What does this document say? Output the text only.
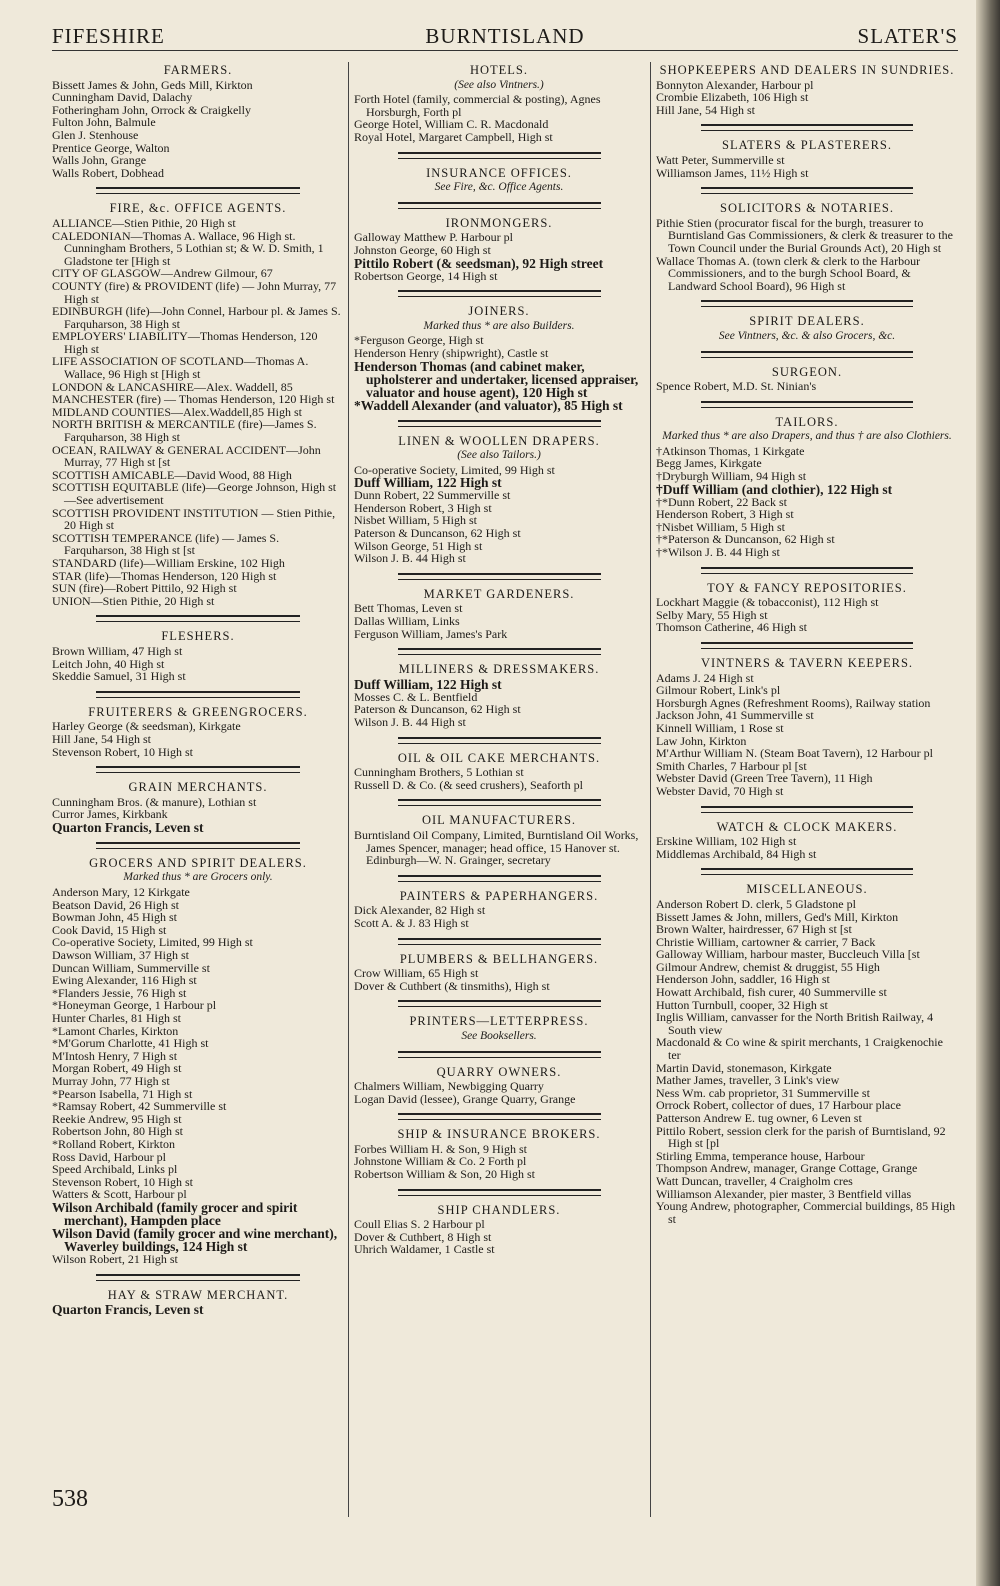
FIFESHIRE	BURNTISLAND	SLATER'S
FARMERS.
Bissett James & John, Geds Mill, Kirkton
Cunningham David, Dalachy
Fotheringham John, Orrock & Craigkelly
Fulton John, Balmule
Glen J. Stenhouse
Prentice George, Walton
Walls John, Grange
Walls Robert, Dobhead
FIRE, &c. OFFICE AGENTS.
ALLIANCE—Stien Pithie, 20 High st
CALEDONIAN—Thomas A. Wallace, 96 High st. Cunningham Brothers, 5 Lothian st; & W. D. Smith, 1 Gladstone ter [High st
CITY OF GLASGOW—Andrew Gilmour, 67
COUNTY (fire) & PROVIDENT (life) — John Murray, 77 High st
EDINBURGH (life)—John Connel, Harbour pl. & James S. Farquharson, 38 High st
EMPLOYERS' LIABILITY—Thomas Henderson, 120 High st
LIFE ASSOCIATION OF SCOTLAND—Thomas A. Wallace, 96 High st [High st
LONDON & LANCASHIRE—Alex. Waddell, 85
MANCHESTER (fire) — Thomas Henderson, 120 High st
MIDLAND COUNTIES—Alex.Waddell,85 High st
NORTH BRITISH & MERCANTILE (fire)—James S. Farquharson, 38 High st
OCEAN, RAILWAY & GENERAL ACCIDENT—John Murray, 77 High st [st
SCOTTISH AMICABLE—David Wood, 88 High
SCOTTISH EQUITABLE (life)—George Johnson, High st—See advertisement
SCOTTISH PROVIDENT INSTITUTION — Stien Pithie, 20 High st
SCOTTISH TEMPERANCE (life) — James S. Farquharson, 38 High st [st
STANDARD (life)—William Erskine, 102 High
STAR (life)—Thomas Henderson, 120 High st
SUN (fire)—Robert Pittilo, 92 High st
UNION—Stien Pithie, 20 High st
FLESHERS.
Brown William, 47 High st
Leitch John, 40 High st
Skeddie Samuel, 31 High st
FRUITERERS & GREENGROCERS.
Harley George (& seedsman), Kirkgate
Hill Jane, 54 High st
Stevenson Robert, 10 High st
GRAIN MERCHANTS.
Cunningham Bros. (& manure), Lothian st
Curror James, Kirkbank
Quarton Francis, Leven st
GROCERS AND SPIRIT DEALERS.
Marked thus * are Grocers only.
Anderson Mary, 12 Kirkgate
Beatson David, 26 High st
Bowman John, 45 High st
Cook David, 15 High st
Co-operative Society, Limited, 99 High st
Dawson William, 37 High st
Duncan William, Summerville st
Ewing Alexander, 116 High st
*Flanders Jessie, 76 High st
*Honeyman George, 1 Harbour pl
Hunter Charles, 81 High st
*Lamont Charles, Kirkton
*M'Gorum Charlotte, 41 High st
M'Intosh Henry, 7 High st
Morgan Robert, 49 High st
Murray John, 77 High st
*Pearson Isabella, 71 High st
*Ramsay Robert, 42 Summerville st
Reekie Andrew, 95 High st
Robertson John, 80 High st
*Rolland Robert, Kirkton
Ross David, Harbour pl
Speed Archibald, Links pl
Stevenson Robert, 10 High st
Watters & Scott, Harbour pl
Wilson Archibald (family grocer and spirit merchant), Hampden place
Wilson David (family grocer and wine merchant), Waverley buildings, 124 High st
Wilson Robert, 21 High st
HAY & STRAW MERCHANT.
Quarton Francis, Leven st
HOTELS.
(See also Vintners.)
Forth Hotel (family, commercial & posting), Agnes Horsburgh, Forth pl
George Hotel, William C. R. Macdonald
Royal Hotel, Margaret Campbell, High st
INSURANCE OFFICES.
See Fire, &c. Office Agents.
IRONMONGERS.
Galloway Matthew P. Harbour pl
Johnston George, 60 High st
Pittilo Robert (& seedsman), 92 High street
Robertson George, 14 High st
JOINERS.
Marked thus * are also Builders.
*Ferguson George, High st
Henderson Henry (shipwright), Castle st
Henderson Thomas (and cabinet maker, upholsterer and undertaker, licensed appraiser, valuator and house agent), 120 High st
*Waddell Alexander (and valuator), 85 High st
LINEN & WOOLLEN DRAPERS.
(See also Tailors.)
Co-operative Society, Limited, 99 High st
Duff William, 122 High st
Dunn Robert, 22 Summerville st
Henderson Robert, 3 High st
Nisbet William, 5 High st
Paterson & Duncanson, 62 High st
Wilson George, 51 High st
Wilson J. B. 44 High st
MARKET GARDENERS.
Bett Thomas, Leven st
Dallas William, Links
Ferguson William, James's Park
MILLINERS & DRESSMAKERS.
Duff William, 122 High st
Mosses C. & L. Bentfield
Paterson & Duncanson, 62 High st
Wilson J. B. 44 High st
OIL & OIL CAKE MERCHANTS.
Cunningham Brothers, 5 Lothian st
Russell D. & Co. (& seed crushers), Seaforth pl
OIL MANUFACTURERS.
Burntisland Oil Company, Limited, Burntisland Oil Works, James Spencer, manager; head office, 15 Hanover st. Edinburgh—W. N. Grainger, secretary
PAINTERS & PAPERHANGERS.
Dick Alexander, 82 High st
Scott A. & J. 83 High st
PLUMBERS & BELLHANGERS.
Crow William, 65 High st
Dover & Cuthbert (& tinsmiths), High st
PRINTERS—LETTERPRESS.
See Booksellers.
QUARRY OWNERS.
Chalmers William, Newbigging Quarry
Logan David (lessee), Grange Quarry, Grange
SHIP & INSURANCE BROKERS.
Forbes William H. & Son, 9 High st
Johnstone William & Co. 2 Forth pl
Robertson William & Son, 20 High st
SHIP CHANDLERS.
Coull Elias S. 2 Harbour pl
Dover & Cuthbert, 8 High st
Uhrich Waldamer, 1 Castle st
SHOPKEEPERS AND DEALERS IN SUNDRIES.
Bonnyton Alexander, Harbour pl
Crombie Elizabeth, 106 High st
Hill Jane, 54 High st
SLATERS & PLASTERERS.
Watt Peter, Summerville st
Williamson James, 11½ High st
SOLICITORS & NOTARIES.
Pithie Stien (procurator fiscal for the burgh, treasurer to Burntisland Gas Commissioners, & clerk & treasurer to the Town Council under the Burial Grounds Act), 20 High st
Wallace Thomas A. (town clerk & clerk to the Harbour Commissioners, and to the burgh School Board, & Landward School Board), 96 High st
SPIRIT DEALERS.
See Vintners, &c. & also Grocers, &c.
SURGEON.
Spence Robert, M.D. St. Ninian's
TAILORS.
Marked thus * are also Drapers, and thus † are also Clothiers.
†Atkinson Thomas, 1 Kirkgate
Begg James, Kirkgate
†Dryburgh William, 94 High st
†Duff William (and clothier), 122 High st
†*Dunn Robert, 22 Back st
Henderson Robert, 3 High st
†Nisbet William, 5 High st
†*Paterson & Duncanson, 62 High st
†*Wilson J. B. 44 High st
TOY & FANCY REPOSITORIES.
Lockhart Maggie (& tobacconist), 112 High st
Selby Mary, 55 High st
Thomson Catherine, 46 High st
VINTNERS & TAVERN KEEPERS.
Adams J. 24 High st
Gilmour Robert, Link's pl
Horsburgh Agnes (Refreshment Rooms), Railway station
Jackson John, 41 Summerville st
Kinnell William, 1 Rose st
Law John, Kirkton
M'Arthur William N. (Steam Boat Tavern), 12 Harbour pl
Smith Charles, 7 Harbour pl [st
Webster David (Green Tree Tavern), 11 High
Webster David, 70 High st
WATCH & CLOCK MAKERS.
Erskine William, 102 High st
Middlemas Archibald, 84 High st
MISCELLANEOUS.
Anderson Robert D. clerk, 5 Gladstone pl
Bissett James & John, millers, Ged's Mill, Kirkton
Brown Walter, hairdresser, 67 High st [st
Christie William, cartowner & carrier, 7 Back
Galloway William, harbour master, Buccleuch Villa [st
Gilmour Andrew, chemist & druggist, 55 High
Henderson John, saddler, 16 High st
Howatt Archibald, fish curer, 40 Summerville st
Hutton Turnbull, cooper, 32 High st
Inglis William, canvasser for the North British Railway, 4 South view
Macdonald & Co wine & spirit merchants, 1 Craigkenochie ter
Martin David, stonemason, Kirkgate
Mather James, traveller, 3 Link's view
Ness Wm. cab proprietor, 31 Summerville st
Orrock Robert, collector of dues, 17 Harbour place
Patterson Andrew E. tug owner, 6 Leven st
Pittilo Robert, session clerk for the parish of Burntisland, 92 High st [pl
Stirling Emma, temperance house, Harbour
Thompson Andrew, manager, Grange Cottage, Grange
Watt Duncan, traveller, 4 Craigholm cres
Williamson Alexander, pier master, 3 Bentfield villas
Young Andrew, photographer, Commercial buildings, 85 High st
538
